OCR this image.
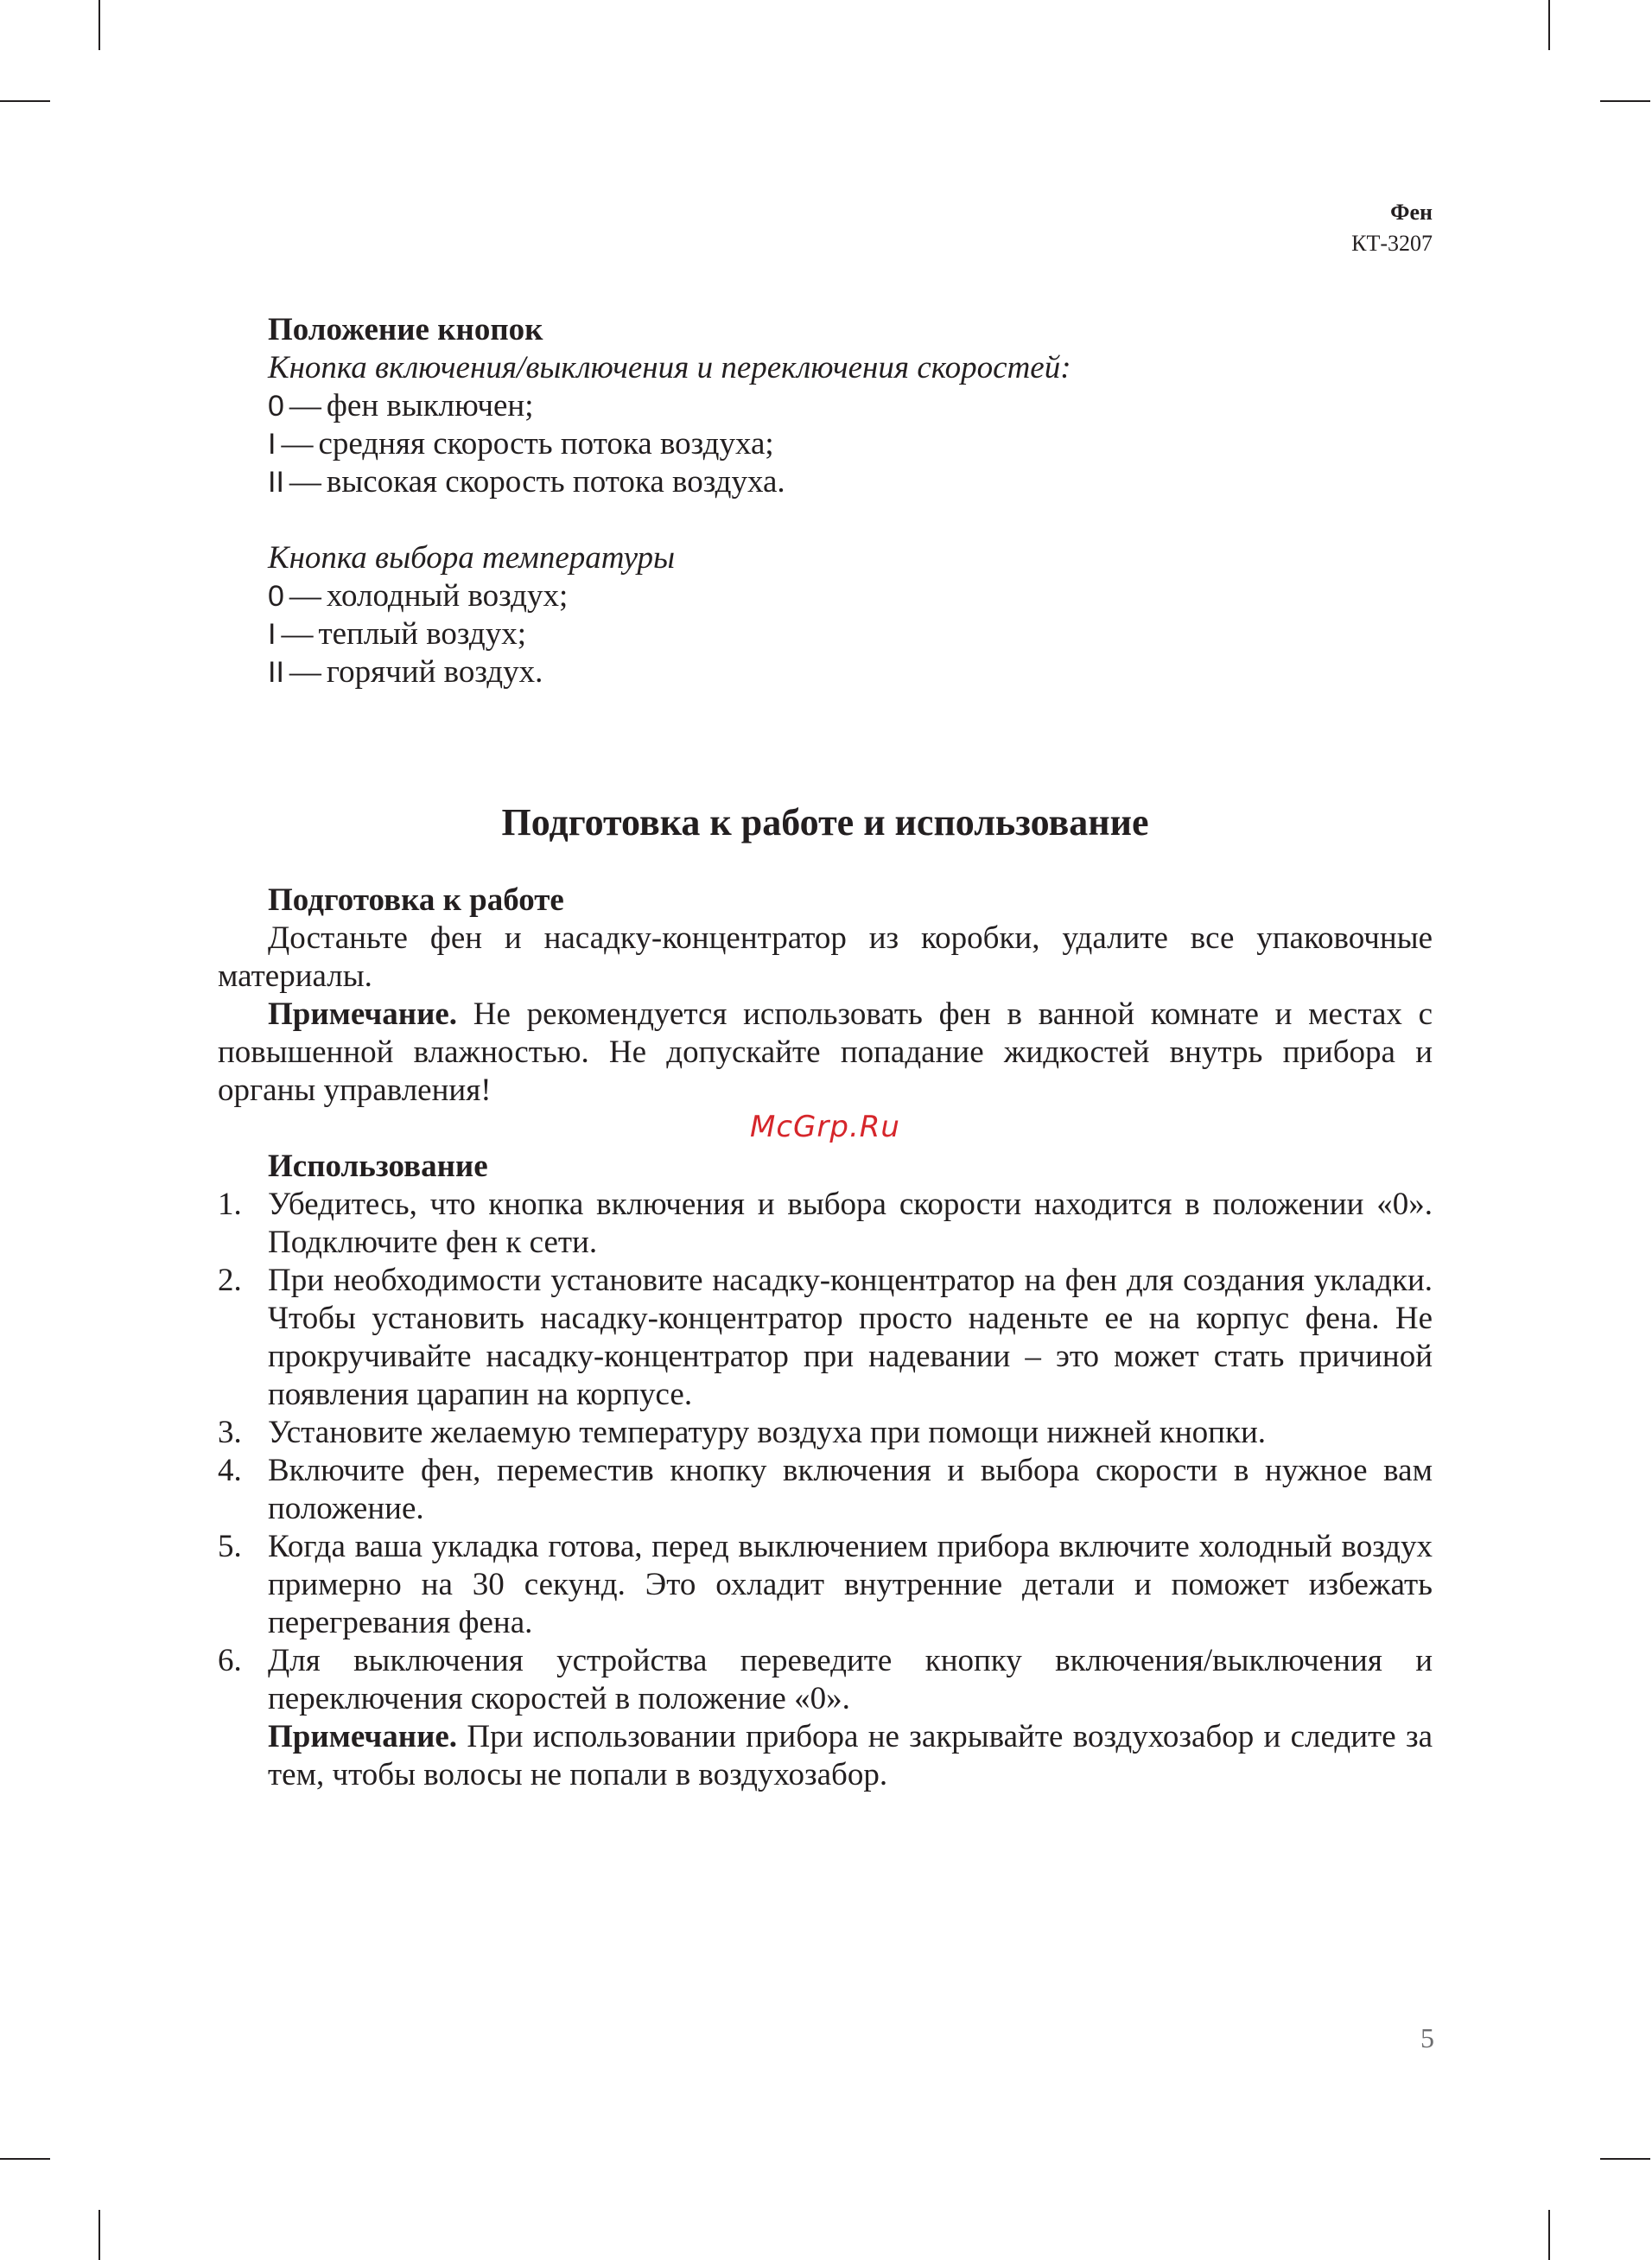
Фен
КТ-3207
Положение кнопок
Кнопка включения/выключения и переключения скоростей:
0 — фен выключен;
I — средняя скорость потока воздуха;
II — высокая скорость потока воздуха.
Кнопка выбора температуры
0 — холодный воздух;
I — теплый воздух;
II — горячий воздух.
Подготовка к работе и использование
Подготовка к работе

Достаньте фен и насадку-концентратор из коробки, удалите все упаковочные материалы.

Примечание. Не рекомендуется использовать фен в ванной комнате и местах с повышенной влажностью. Не допускайте попадание жидкостей внутрь прибора и органы управления!

McGrp.Ru
Использование
1. Убедитесь, что кнопка включения и выбора скорости находится в положении «0». Подключите фен к сети.
2. При необходимости установите насадку-концентратор на фен для создания укладки. Чтобы установить насадку-концентратор просто наденьте ее на корпус фена. Не прокручивайте насадку-концентратор при надевании – это может стать причиной появления царапин на корпусе.
3. Установите желаемую температуру воздуха при помощи нижней кнопки.
4. Включите фен, переместив кнопку включения и выбора скорости в нужное вам положение.
5. Когда ваша укладка готова, перед выключением прибора включите холодный воздух примерно на 30 секунд. Это охладит внутренние детали и поможет избежать перегревания фена.
6. Для выключения устройства переведите кнопку включения/выключения и переключения скоростей в положение «0».

Примечание. При использовании прибора не закрывайте воздухозабор и следите за тем, чтобы волосы не попали в воздухозабор.

5
